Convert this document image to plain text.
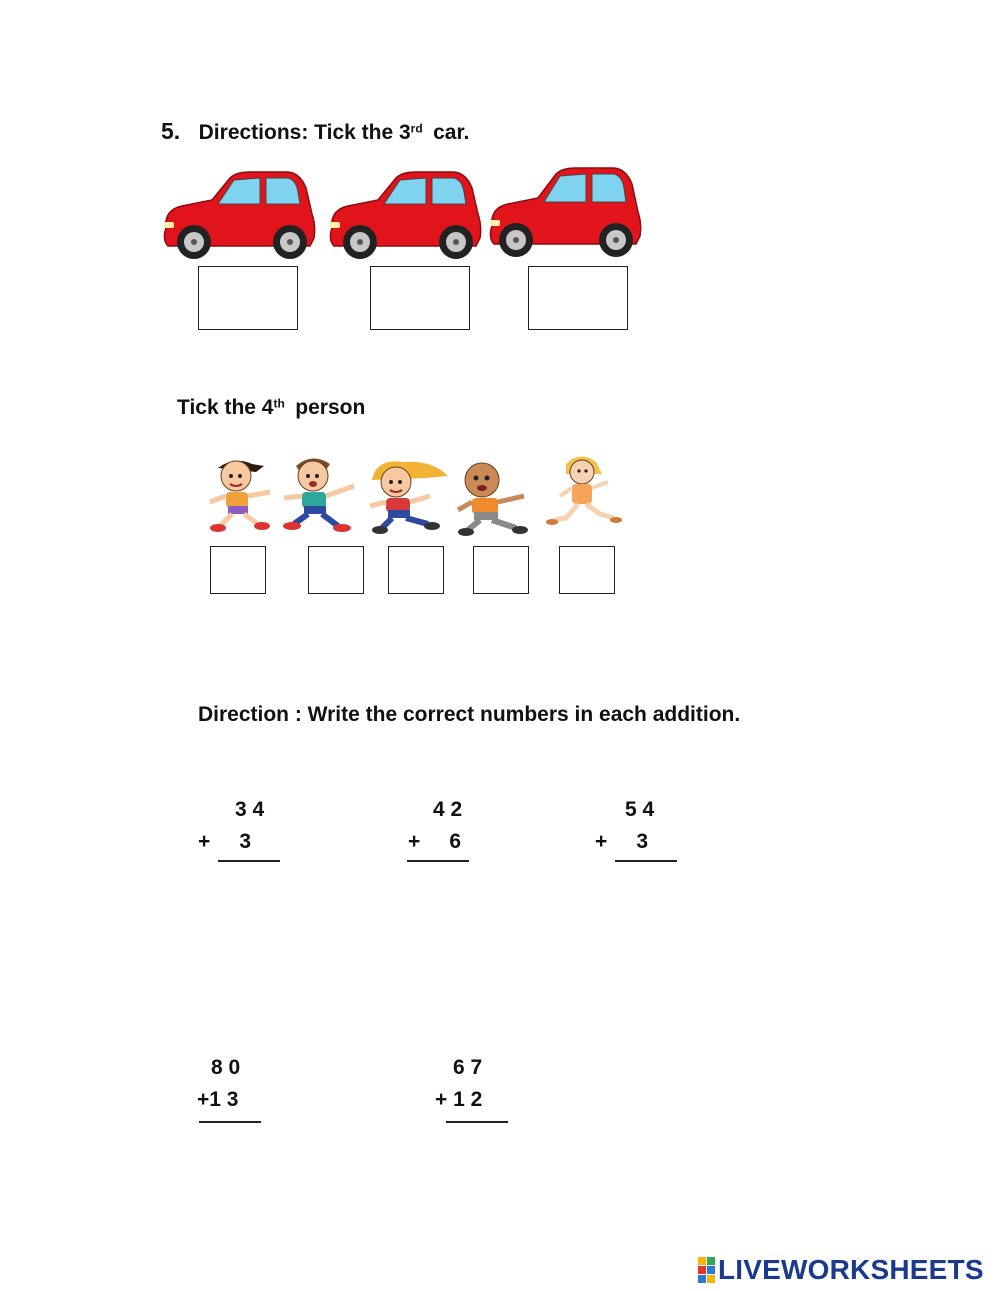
5. Directions: Tick the 3rd car.
Tick the 4th person
Direction : Write the correct numbers in each addition.
3 4
+     3
4 2
+     6
5 4
+     3
8 0
+1 3
6 7
+ 1 2
LIVEWORKSHEETS
